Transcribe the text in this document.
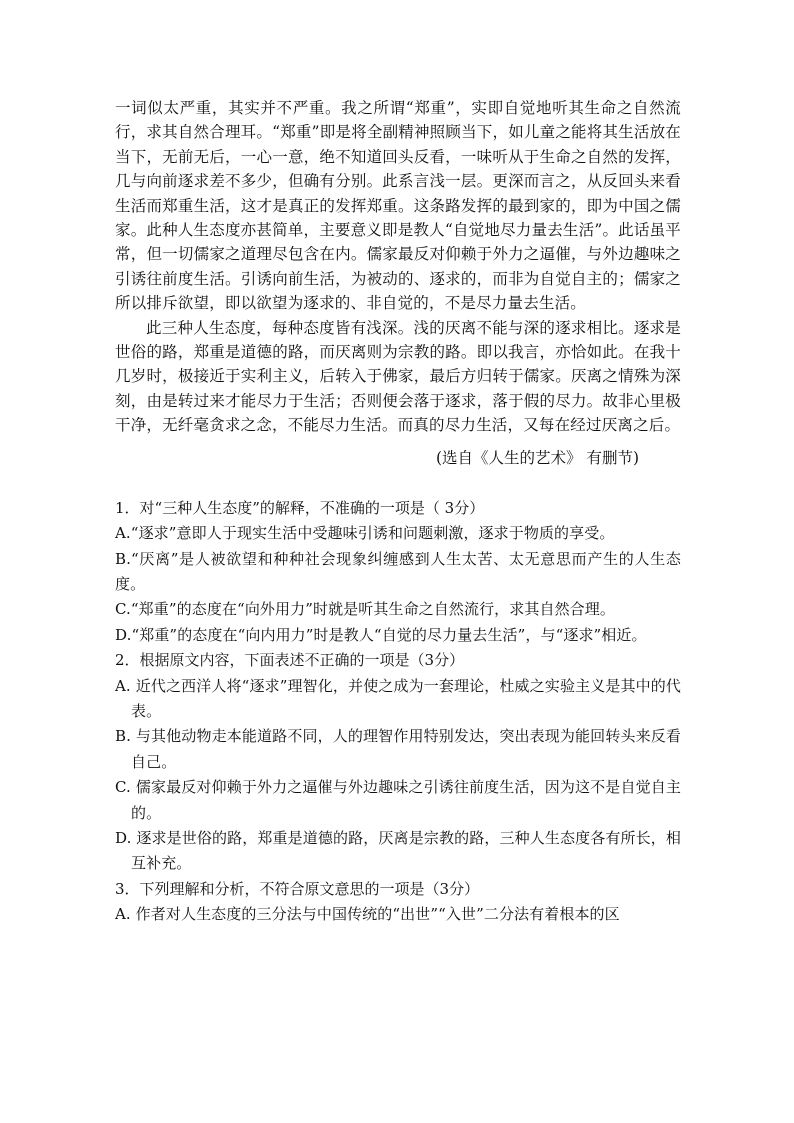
一词似太严重，其实并不严重。我之所谓“郑重”，实即自觉地听其生命之自然流行，求其自然合理耳。“郑重”即是将全副精神照顾当下，如儿童之能将其生活放在当下，无前无后，一心一意，绝不知道回头反看，一味听从于生命之自然的发挥，几与向前逐求差不多少，但确有分别。此系言浅一层。更深而言之，从反回头来看生活而郑重生活，这才是真正的发挥郑重。这条路发挥的最到家的，即为中国之儒家。此种人生态度亦甚简单，主要意义即是教人“自觉地尽力量去生活”。此话虽平常，但一切儒家之道理尽包含在内。儒家最反对仰赖于外力之逼催，与外边趣味之引诱往前度生活。引诱向前生活，为被动的、逐求的，而非为自觉自主的；儒家之所以排斥欲望，即以欲望为逐求的、非自觉的，不是尽力量去生活。

此三种人生态度，每种态度皆有浅深。浅的厌离不能与深的逐求相比。逐求是世俗的路，郑重是道德的路，而厌离则为宗教的路。即以我言，亦恰如此。在我十几岁时，极接近于实利主义，后转入于佛家，最后方归转于儒家。厌离之情殊为深刻，由是转过来才能尽力于生活；否则便会落于逐求，落于假的尽力。故非心里极干净，无纤毫贪求之念，不能尽力生活。而真的尽力生活，又每在经过厌离之后。

(选自《人生的艺术》 有删节)

1．对“三种人生态度”的解释，不准确的一项是（ 3分）

A.“逐求”意即人于现实生活中受趣味引诱和问题刺激，逐求于物质的享受。

B.“厌离”是人被欲望和种种社会现象纠缠感到人生太苦、太无意思而产生的人生态度。

C.“郑重”的态度在“向外用力”时就是听其生命之自然流行，求其自然合理。

D.“郑重”的态度在“向内用力”时是教人“自觉的尽力量去生活”，与“逐求”相近。

2．根据原文内容，下面表述不正确的一项是（3分）

A. 近代之西洋人将“逐求”理智化，并使之成为一套理论，杜威之实验主义是其中的代表。

B. 与其他动物走本能道路不同，人的理智作用特别发达，突出表现为能回转头来反看自己。

C. 儒家最反对仰赖于外力之逼催与外边趣味之引诱往前度生活，因为这不是自觉自主的。

D. 逐求是世俗的路，郑重是道德的路，厌离是宗教的路，三种人生态度各有所长，相互补充。

3．下列理解和分析，不符合原文意思的一项是（3分）

A. 作者对人生态度的三分法与中国传统的“出世”“入世”二分法有着根本的区
